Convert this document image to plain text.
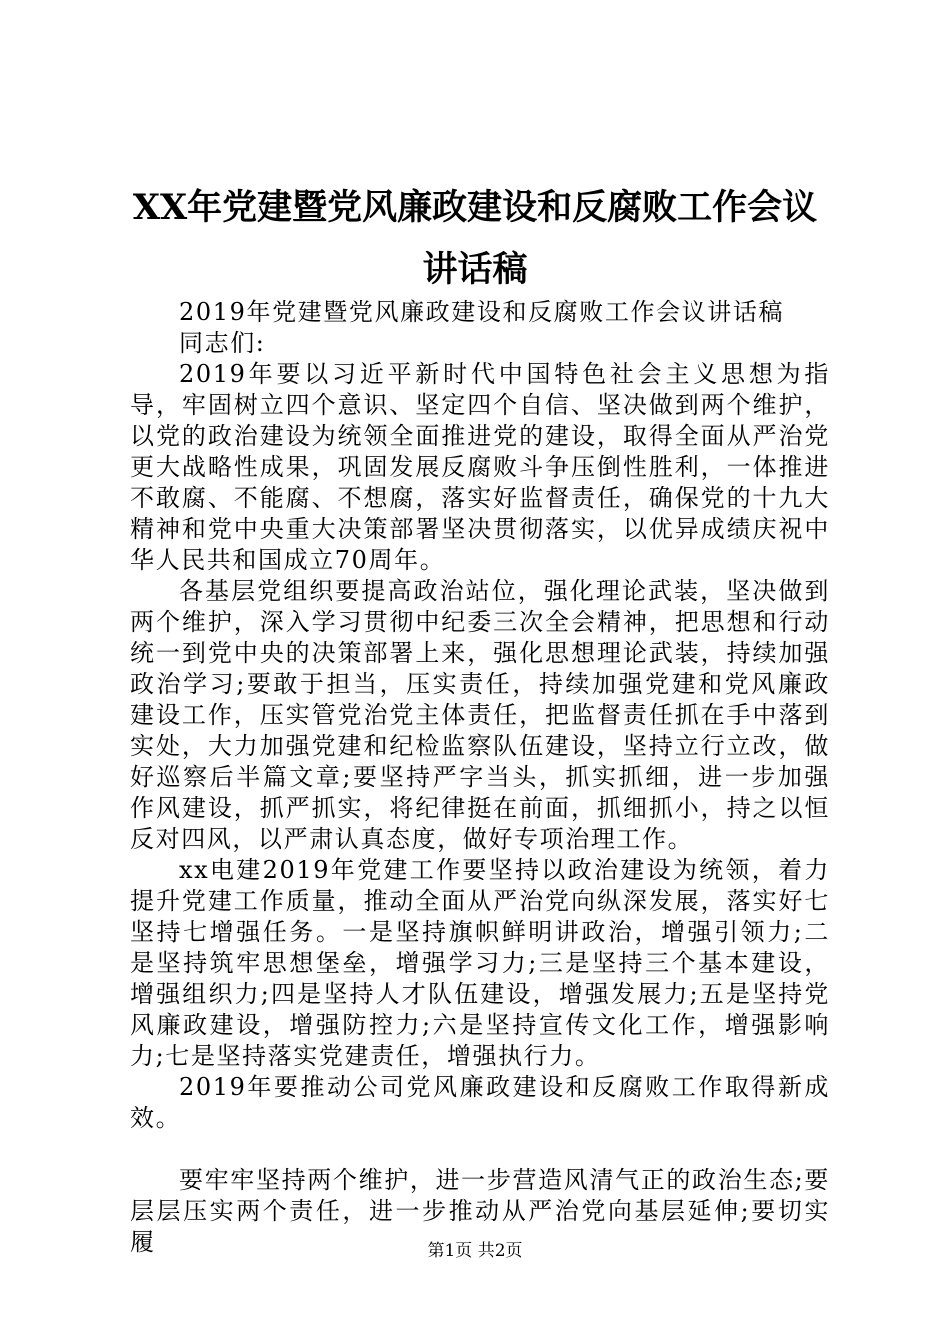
XX年党建暨党风廉政建设和反腐败工作会议
讲话稿

2019年党建暨党风廉政建设和反腐败工作会议讲话稿

同志们:

2019年要以习近平新时代中国特色社会主义思想为指导，牢固树立四个意识、坚定四个自信、坚决做到两个维护，以党的政治建设为统领全面推进党的建设，取得全面从严治党更大战略性成果，巩固发展反腐败斗争压倒性胜利，一体推进不敢腐、不能腐、不想腐，落实好监督责任，确保党的十九大精神和党中央重大决策部署坚决贯彻落实，以优异成绩庆祝中华人民共和国成立70周年。

各基层党组织要提高政治站位，强化理论武装，坚决做到两个维护，深入学习贯彻中纪委三次全会精神，把思想和行动统一到党中央的决策部署上来，强化思想理论武装，持续加强政治学习;要敢于担当，压实责任，持续加强党建和党风廉政建设工作，压实管党治党主体责任，把监督责任抓在手中落到实处，大力加强党建和纪检监察队伍建设，坚持立行立改，做好巡察后半篇文章;要坚持严字当头，抓实抓细，进一步加强作风建设，抓严抓实，将纪律挺在前面，抓细抓小，持之以恒反对四风，以严肃认真态度，做好专项治理工作。

xx电建2019年党建工作要坚持以政治建设为统领，着力提升党建工作质量，推动全面从严治党向纵深发展，落实好七坚持七增强任务。一是坚持旗帜鲜明讲政治，增强引领力;二是坚持筑牢思想堡垒，增强学习力;三是坚持三个基本建设，增强组织力;四是坚持人才队伍建设，增强发展力;五是坚持党风廉政建设，增强防控力;六是坚持宣传文化工作，增强影响力;七是坚持落实党建责任，增强执行力。

2019年要推动公司党风廉政建设和反腐败工作取得新成效。

要牢牢坚持两个维护，进一步营造风清气正的政治生态;要层层压实两个责任，进一步推动从严治党向基层延伸;要切实履	第1页 共2页
